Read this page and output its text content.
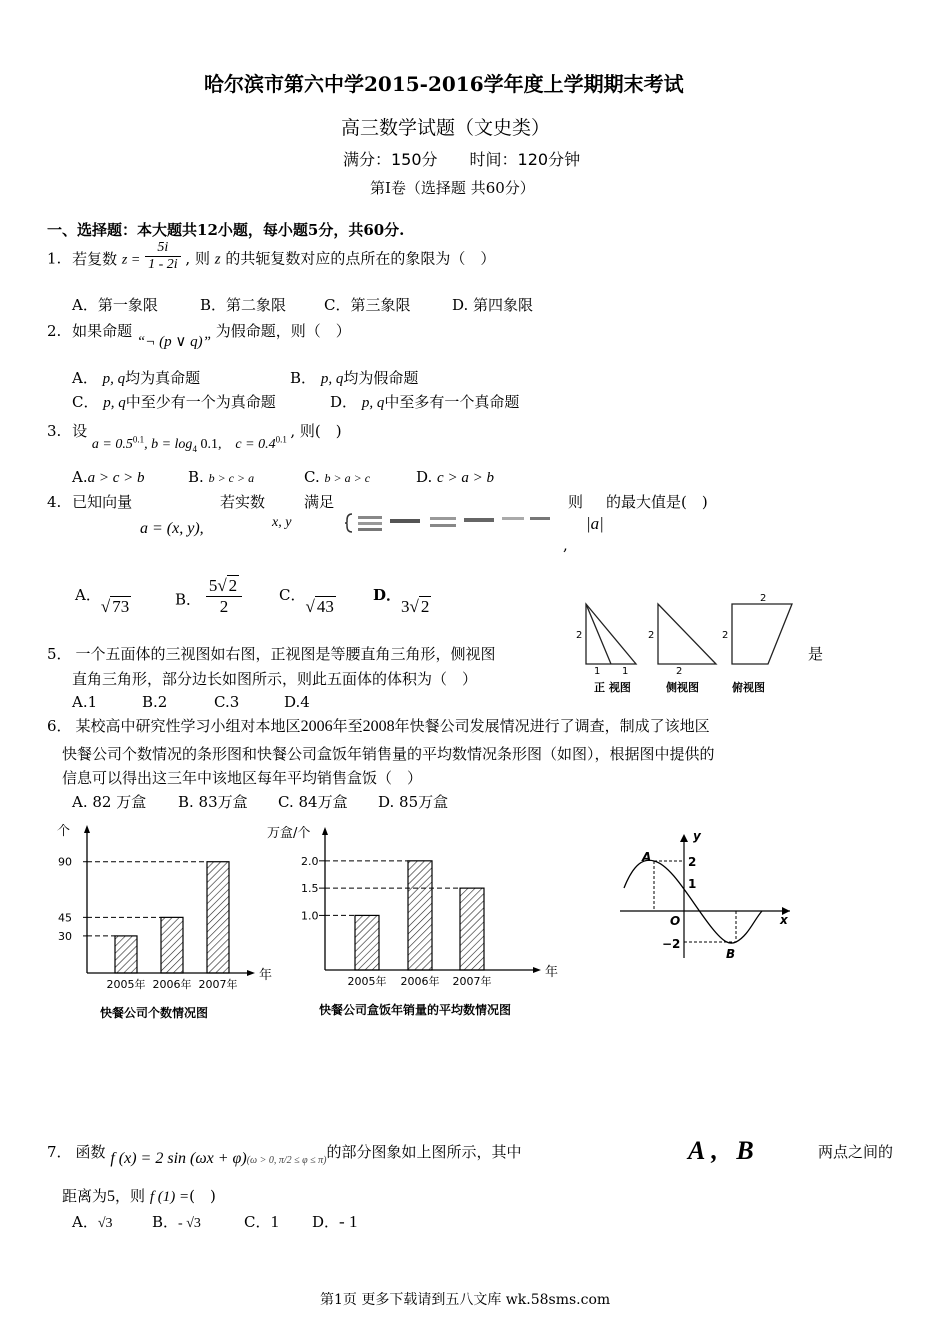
哈尔滨市第六中学2015-2016学年度上学期期末考试
高三数学试题（文史类）
满分：150分　　时间：120分钟
第Ⅰ卷（选择题 共60分）
一、选择题：本大题共12小题，每小题5分，共60分.
1. 若复数 $z = \frac{5i}{1 - 2i}$ , 则 z 的共轭复数对应的点所在的象限为（　）
A．第一象限	B．第二象限	C．第三象限	D. 第四象限
2. 如果命题 “¬ (p ∨ q)” 为假命题，则（　）
A． p, q均为真命题	B． p, q均为假命题
C． p, q中至少有一个为真命题	D． p, q中至多有一个真命题
3. 设 $a = 0.5^{0.1}$, $b = \log_4 0.1$,　$c = 0.4^{0.1}$ , 则(　)
A.a > c > b	B. b > c > a	C. b > a > c	D. c > a > b
4. 已知向量	若实数	满足	则 的最大值是(　)
a = (x, y),	x, y	|a|
,
A．√ 73	B． $\frac{5√ 2}{2}$ C．√ 43
D．3√ 2
5． 一个五面体的三视图如右图，正视图是等腰直角三角形，侧视图	是
直角三角形，部分边长如图所示，则此五面体的体积为（　）
A.1	B.2	C.3	D.4
2
1 1
正 视图
2
2
侧视图
2
2
俯视图
6． 某校高中研究性学习小组对本地区2006年至2008年快餐公司发展情况进行了调查，制成了该地区
快餐公司个数情况的条形图和快餐公司盒饭年销售量的平均数情况条形图（如图），根据图中提供的
信息可以得出这三年中该地区每年平均销售盒饭（　）
A. 82 万盒 B. 83万盒 C. 84万盒 D. 85万盒
个
年
30
45
90
2005年 2006年 2007年
快餐公司个数情况图
万盒/个
年
1.0
1.5
2.0
2005年 2006年 2007年
快餐公司盒饭年销量的平均数情况图
y
x
O
A
B
2
1
−2
7． 函数 f (x) = 2 $\sin (\omega x + \varphi)_{(\omega > 0, \pi/2 \le \varphi \le \pi)}$的部分图象如上图所示，其中	A, B	两点之间的
距离为5，则 f (1) =(　)
A．√3	B．- √3	C．1 D．- 1
第1页 更多下载请到五八文库 wk.58sms.com
